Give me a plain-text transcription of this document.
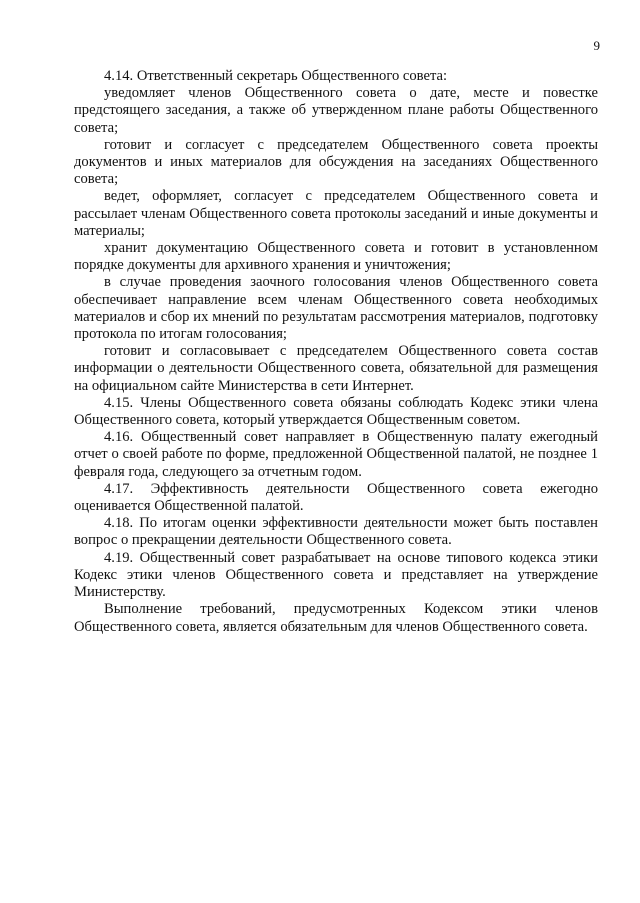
9

4.14. Ответственный секретарь Общественного совета:

уведомляет членов Общественного совета о дате, месте и повестке предстоящего заседания, а также об утвержденном плане работы Общественного совета;

готовит и согласует с председателем Общественного совета проекты документов и иных материалов для обсуждения на заседаниях Общественного совета;

ведет, оформляет, согласует с председателем Общественного совета и рассылает членам Общественного совета протоколы заседаний и иные документы и материалы;

хранит документацию Общественного совета и готовит в установленном порядке документы для архивного хранения и уничтожения;

в случае проведения заочного голосования членов Общественного совета обеспечивает направление всем членам Общественного совета необходимых материалов и сбор их мнений по результатам рассмотрения материалов, подготовку протокола по итогам голосования;

готовит и согласовывает с председателем Общественного совета состав информации о деятельности Общественного совета, обязательной для размещения на официальном сайте Министерства в сети Интернет.

4.15. Члены Общественного совета обязаны соблюдать Кодекс этики члена Общественного совета, который утверждается Общественным советом.

4.16. Общественный совет направляет в Общественную палату ежегодный отчет о своей работе по форме, предложенной Общественной палатой, не позднее 1 февраля года, следующего за отчетным годом.

4.17. Эффективность деятельности Общественного совета ежегодно оценивается Общественной палатой.

4.18. По итогам оценки эффективности деятельности может быть поставлен вопрос о прекращении деятельности Общественного совета.

4.19. Общественный совет разрабатывает на основе типового кодекса этики Кодекс этики членов Общественного совета и представляет на утверждение Министерству.

Выполнение требований, предусмотренных Кодексом этики членов Общественного совета, является обязательным для членов Общественного совета.
